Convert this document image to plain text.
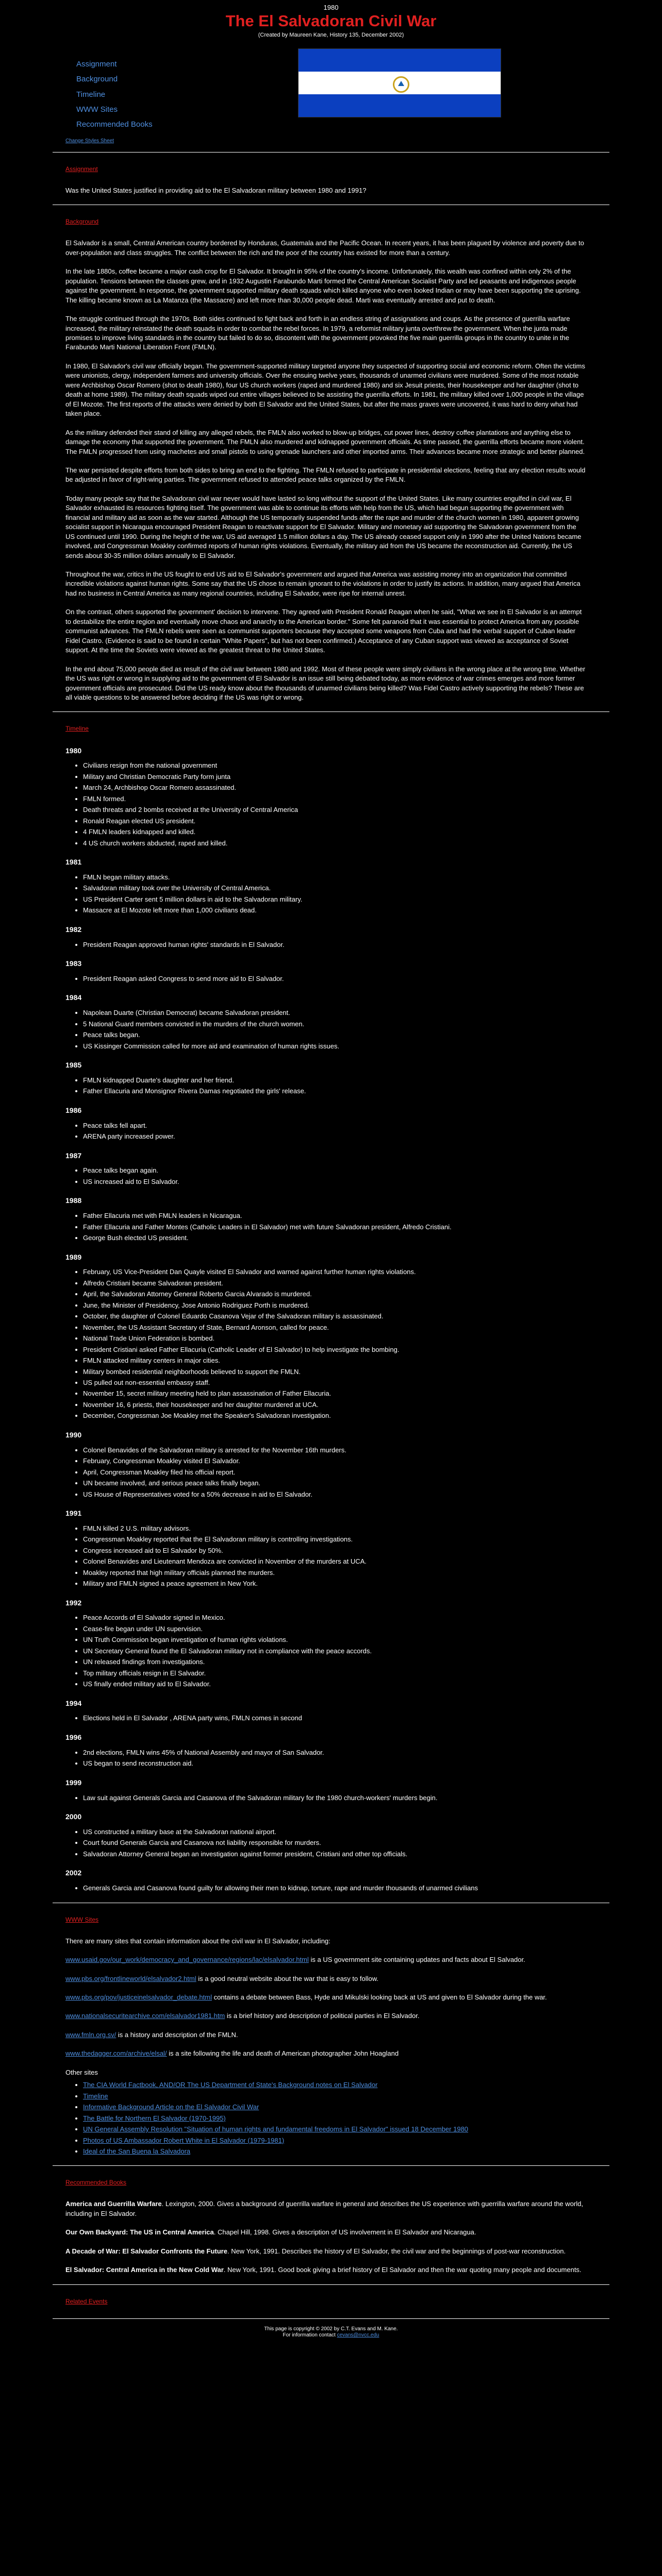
1980
The El Salvadoran Civil War
(Created by Maureen Kane, History 135, December 2002)
Assignment
Background
Timeline
WWW Sites
Recommended Books
Change Styles Sheet
Assignment

Was the United States justified in providing aid to the El Salvadoran military between 1980 and 1991?

Background

El Salvador is a small, Central American country bordered by Honduras, Guatemala and the Pacific Ocean. In recent years, it has been plagued by violence and poverty due to over-population and class struggles. The conflict between the rich and the poor of the country has existed for more than a century.

In the late 1880s, coffee became a major cash crop for El Salvador. It brought in 95% of the country's income. Unfortunately, this wealth was confined within only 2% of the population. Tensions between the classes grew, and in 1932 Augustin Farabundo Marti formed the Central American Socialist Party and led peasants and indigenous people against the government. In response, the government supported military death squads which killed anyone who even looked Indian or may have been supporting the uprising. The killing became known as La Matanza (the Massacre) and left more than 30,000 people dead. Marti was eventually arrested and put to death.

The struggle continued through the 1970s. Both sides continued to fight back and forth in an endless string of assignations and coups. As the presence of guerrilla warfare increased, the military reinstated the death squads in order to combat the rebel forces. In 1979, a reformist military junta overthrew the government. When the junta made promises to improve living standards in the country but failed to do so, discontent with the government provoked the five main guerrilla groups in the country to unite in the Farabundo Marti National Liberation Front (FMLN).

In 1980, El Salvador's civil war officially began. The government-supported military targeted anyone they suspected of supporting social and economic reform. Often the victims were unionists, clergy, independent farmers and university officials. Over the ensuing twelve years, thousands of unarmed civilians were murdered. Some of the most notable were Archbishop Oscar Romero (shot to death 1980), four US church workers (raped and murdered 1980) and six Jesuit priests, their housekeeper and her daughter (shot to death at home 1989). The military death squads wiped out entire villages believed to be assisting the guerrilla efforts. In 1981, the military killed over 1,000 people in the village of El Mozote. The first reports of the attacks were denied by both El Salvador and the United States, but after the mass graves were uncovered, it was hard to deny what had taken place.

As the military defended their stand of killing any alleged rebels, the FMLN also worked to blow-up bridges, cut power lines, destroy coffee plantations and anything else to damage the economy that supported the government. The FMLN also murdered and kidnapped government officials. As time passed, the guerrilla efforts became more violent. The FMLN progressed from using machetes and small pistols to using grenade launchers and other imported arms. Their advances became more strategic and better planned.

The war persisted despite efforts from both sides to bring an end to the fighting. The FMLN refused to participate in presidential elections, feeling that any election results would be adjusted in favor of right-wing parties. The government refused to attended peace talks organized by the FMLN.

Today many people say that the Salvadoran civil war never would have lasted so long without the support of the United States. Like many countries engulfed in civil war, El Salvador exhausted its resources fighting itself. The government was able to continue its efforts with help from the US, which had begun supporting the government with financial and military aid as soon as the war started. Although the US temporarily suspended funds after the rape and murder of the church women in 1980, apparent growing socialist support in Nicaragua encouraged President Reagan to reactivate support for El Salvador. Military and monetary aid supporting the Salvadoran government from the US continued until 1990. During the height of the war, US aid averaged 1.5 million dollars a day. The US already ceased support only in 1990 after the United Nations became involved, and Congressman Moakley confirmed reports of human rights violations. Eventually, the military aid from the US became the reconstruction aid. Currently, the US sends about 30-35 million dollars annually to El Salvador.

Throughout the war, critics in the US fought to end US aid to El Salvador's government and argued that America was assisting money into an organization that committed incredible violations against human rights. Some say that the US chose to remain ignorant to the violations in order to justify its actions. In addition, many argued that America had no business in Central America as many regional countries, including El Salvador, were ripe for internal unrest.

On the contrast, others supported the government' decision to intervene. They agreed with President Ronald Reagan when he said, "What we see in El Salvador is an attempt to destabilize the entire region and eventually move chaos and anarchy to the American border." Some felt paranoid that it was essential to protect America from any possible communist advances. The FMLN rebels were seen as communist supporters because they accepted some weapons from Cuba and had the verbal support of Cuban leader Fidel Castro. (Evidence is said to be found in certain "White Papers", but has not been confirmed.) Acceptance of any Cuban support was viewed as acceptance of Soviet support. At the time the Soviets were viewed as the greatest threat to the United States.

In the end about 75,000 people died as result of the civil war between 1980 and 1992. Most of these people were simply civilians in the wrong place at the wrong time. Whether the US was right or wrong in supplying aid to the government of El Salvador is an issue still being debated today, as more evidence of war crimes emerges and more former government officials are prosecuted. Did the US ready know about the thousands of unarmed civilians being killed? Was Fidel Castro actively supporting the rebels? These are all viable questions to be answered before deciding if the US was right or wrong.

Timeline
1980
• Civilians resign from the national government
• Military and Christian Democratic Party form junta
• March 24, Archbishop Oscar Romero assassinated.
• FMLN formed.
• Death threats and 2 bombs received at the University of Central America
• Ronald Reagan elected US president.
• 4 FMLN leaders kidnapped and killed.
• 4 US church workers abducted, raped and killed.
1981
• FMLN began military attacks.
• Salvadoran military took over the University of Central America.
• US President Carter sent 5 million dollars in aid to the Salvadoran military.
• Massacre at El Mozote left more than 1,000 civilians dead.
1982
• President Reagan approved human rights' standards in El Salvador.
1983
• President Reagan asked Congress to send more aid to El Salvador.
1984
• Napolean Duarte (Christian Democrat) became Salvadoran president.
• 5 National Guard members convicted in the murders of the church women.
• Peace talks began.
• US Kissinger Commission called for more aid and examination of human rights issues.
1985
• FMLN kidnapped Duarte's daughter and her friend.
• Father Ellacuria and Monsignor Rivera Damas negotiated the girls' release.
1986
• Peace talks fell apart.
• ARENA party increased power.
1987
• Peace talks began again.
• US increased aid to El Salvador.
1988
• Father Ellacuria met with FMLN leaders in Nicaragua.
• Father Ellacuria and Father Montes (Catholic Leaders in El Salvador) met with future Salvadoran president, Alfredo Cristiani.
• George Bush elected US president.
1989
• February, US Vice-President Dan Quayle visited El Salvador and warned against further human rights violations.
• Alfredo Cristiani became Salvadoran president.
• April, the Salvadoran Attorney General Roberto Garcia Alvarado is murdered.
• June, the Minister of Presidency, Jose Antonio Rodriguez Porth is murdered.
• October, the daughter of Colonel Eduardo Casanova Vejar of the Salvadoran military is assassinated.
• November, the US Assistant Secretary of State, Bernard Aronson, called for peace.
• National Trade Union Federation is bombed.
• President Cristiani asked Father Ellacuria (Catholic Leader of El Salvador) to help investigate the bombing.
• FMLN attacked military centers in major cities.
• Military bombed residential neighborhoods believed to support the FMLN.
• US pulled out non-essential embassy staff.
• November 15, secret military meeting held to plan assassination of Father Ellacuria.
• November 16, 6 priests, their housekeeper and her daughter murdered at UCA.
• December, Congressman Joe Moakley met the Speaker's Salvadoran investigation.
1990
• Colonel Benavides of the Salvadoran military is arrested for the November 16th murders.
• February, Congressman Moakley visited El Salvador.
• April, Congressman Moakley filed his official report.
• UN became involved, and serious peace talks finally began.
• US House of Representatives voted for a 50% decrease in aid to El Salvador.
1991
• FMLN killed 2 U.S. military advisors.
• Congressman Moakley reported that the El Salvadoran military is controlling investigations.
• Congress increased aid to El Salvador by 50%.
• Colonel Benavides and Lieutenant Mendoza are convicted in November of the murders at UCA.
• Moakley reported that high military officials planned the murders.
• Military and FMLN signed a peace agreement in New York.
1992
• Peace Accords of El Salvador signed in Mexico.
• Cease-fire began under UN supervision.
• UN Truth Commission began investigation of human rights violations.
• UN Secretary General found the El Salvadoran military not in compliance with the peace accords.
• UN released findings from investigations.
• Top military officials resign in El Salvador.
• US finally ended military aid to El Salvador.
1994
• Elections held in El Salvador , ARENA party wins, FMLN comes in second
1996
• 2nd elections, FMLN wins 45% of National Assembly and mayor of San Salvador.
• US began to send reconstruction aid.
1999
• Law suit against Generals Garcia and Casanova of the Salvadoran military for the 1980 church-workers' murders begin.
2000
• US constructed a military base at the Salvadoran national airport.
• Court found Generals Garcia and Casanova not liability responsible for murders.
• Salvadoran Attorney General began an investigation against former president, Cristiani and other top officials.
2002
• Generals Garcia and Casanova found guilty for allowing their men to kidnap, torture, rape and murder thousands of unarmed civilians
WWW Sites

There are many sites that contain information about the civil war in El Salvador, including:

www.usaid.gov/our_work/democracy_and_governance/regions/lac/elsalvador.html is a US government site containing updates and facts about El Salvador.

www.pbs.org/frontlineworld/elsalvador2.html is a good neutral website about the war that is easy to follow.

www.pbs.org/pov/justiceinelsalvador_debate.html contains a debate between Bass, Hyde and Mikulski looking back at US and given to El Salvador during the war.

www.nationalsecuritearchive.com/elsalvador1981.htm is a brief history and description of political parties in El Salvador.

www.fmln.org.sv/ is a history and description of the FMLN.

www.thedagger.com/archive/elsal/ is a site following the life and death of American photographer John Hoagland

Other sites

• The CIA World Factbook, AND/OR The US Department of State's Background notes on El Salvador
• Timeline
• Informative Background Article on the El Salvador Civil War
• The Battle for Northern El Salvador (1970-1995)
• UN General Assembly Resolution "Situation of human rights and fundamental freedoms in El Salvador" issued 18 December 1980
• Photos of US Ambassador Robert White in El Salvador (1979-1981)
• Ideal of the San Buena la Salvadora
Recommended Books

America and Guerrilla Warfare. Lexington, 2000. Gives a background of guerrilla warfare in general and describes the US experience with guerrilla warfare around the world, including in El Salvador.

Our Own Backyard: The US in Central America. Chapel Hill, 1998. Gives a description of US involvement in El Salvador and Nicaragua.

A Decade of War: El Salvador Confronts the Future. New York, 1991. Describes the history of El Salvador, the civil war and the beginnings of post-war reconstruction.

El Salvador: Central America in the New Cold War. New York, 1991. Good book giving a brief history of El Salvador and then the war quoting many people and documents.

Related Events
This page is copyright © 2002 by C.T. Evans and M. Kane.
For information contact cevans@nvcc.edu
